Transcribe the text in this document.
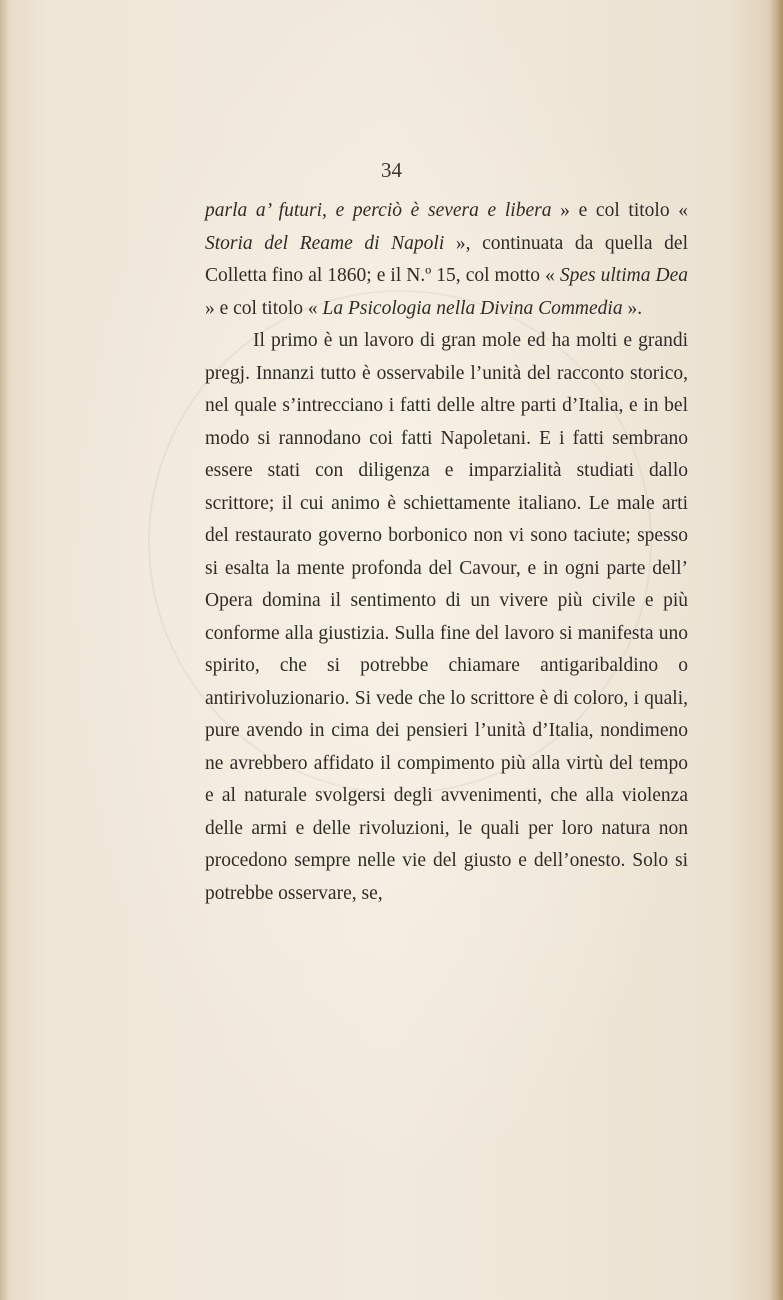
34

parla a’ futuri, e perciò è severa e libera » e col titolo « Storia del Reame di Napoli », continuata da quella del Colletta fino al 1860; e il N.º 15, col motto « Spes ultima Dea » e col titolo « La Psicologia nella Divina Commedia ».

Il primo è un lavoro di gran mole ed ha molti e grandi pregj. Innanzi tutto è osservabile l’unità del racconto storico, nel quale s’intrecciano i fatti delle altre parti d’Italia, e in bel modo si rannodano coi fatti Napoletani. E i fatti sembrano essere stati con diligenza e imparzialità studiati dallo scrittore; il cui animo è schiettamente italiano. Le male arti del restaurato governo borbonico non vi sono taciute; spesso si esalta la mente profonda del Cavour, e in ogni parte dell’ Opera domina il sentimento di un vivere più civile e più conforme alla giustizia. Sulla fine del lavoro si manifesta uno spirito, che si potrebbe chiamare antigaribaldino o antirivoluzionario. Si vede che lo scrittore è di coloro, i quali, pure avendo in cima dei pensieri l’unità d’Italia, nondimeno ne avrebbero affidato il compimento più alla virtù del tempo e al naturale svolgersi degli avvenimenti, che alla violenza delle armi e delle rivoluzioni, le quali per loro natura non procedono sempre nelle vie del giusto e dell’onesto. Solo si potrebbe osservare, se,
